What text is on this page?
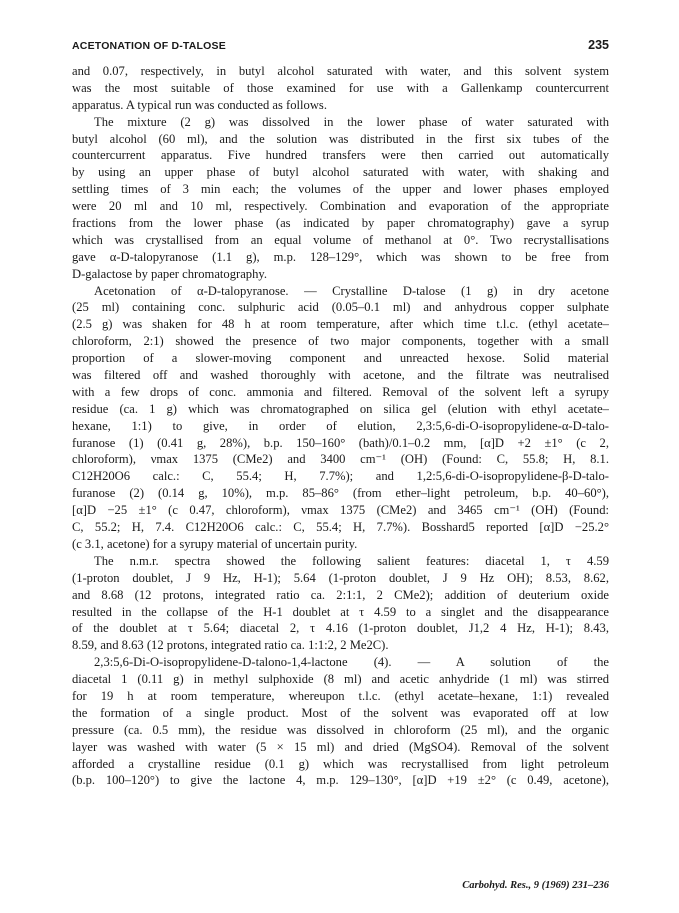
ACETONATION OF D-TALOSE	235
and 0.07, respectively, in butyl alcohol saturated with water, and this solvent system
was the most suitable of those examined for use with a Gallenkamp countercurrent
apparatus. A typical run was conducted as follows.
The mixture (2 g) was dissolved in the lower phase of water saturated with
butyl alcohol (60 ml), and the solution was distributed in the first six tubes of the
countercurrent apparatus. Five hundred transfers were then carried out automatically
by using an upper phase of butyl alcohol saturated with water, with shaking and
settling times of 3 min each; the volumes of the upper and lower phases employed
were 20 ml and 10 ml, respectively. Combination and evaporation of the appropriate
fractions from the lower phase (as indicated by paper chromatography) gave a syrup
which was crystallised from an equal volume of methanol at 0°. Two recrystallisations
gave α-D-talopyranose (1.1 g), m.p. 128–129°, which was shown to be free from
D-galactose by paper chromatography.
Acetonation of α-D-talopyranose. — Crystalline D-talose (1 g) in dry acetone
(25 ml) containing conc. sulphuric acid (0.05–0.1 ml) and anhydrous copper sulphate
(2.5 g) was shaken for 48 h at room temperature, after which time t.l.c. (ethyl acetate–
chloroform, 2:1) showed the presence of two major components, together with a small
proportion of a slower-moving component and unreacted hexose. Solid material
was filtered off and washed thoroughly with acetone, and the filtrate was neutralised
with a few drops of conc. ammonia and filtered. Removal of the solvent left a syrupy
residue (ca. 1 g) which was chromatographed on silica gel (elution with ethyl acetate–
hexane, 1:1) to give, in order of elution, 2,3:5,6-di-O-isopropylidene-α-D-talo-
furanose (1) (0.41 g, 28%), b.p. 150–160° (bath)/0.1–0.2 mm, [α]D +2 ±1° (c 2,
chloroform), νmax 1375 (CMe2) and 3400 cm⁻¹ (OH) (Found: C, 55.8; H, 8.1.
C12H20O6 calc.: C, 55.4; H, 7.7%); and 1,2:5,6-di-O-isopropylidene-β-D-talo-
furanose (2) (0.14 g, 10%), m.p. 85–86° (from ether–light petroleum, b.p. 40–60°),
[α]D −25 ±1° (c 0.47, chloroform), νmax 1375 (CMe2) and 3465 cm⁻¹ (OH) (Found:
C, 55.2; H, 7.4. C12H20O6 calc.: C, 55.4; H, 7.7%). Bosshard5 reported [α]D −25.2°
(c 3.1, acetone) for a syrupy material of uncertain purity.
The n.m.r. spectra showed the following salient features: diacetal 1, τ 4.59
(1-proton doublet, J 9 Hz, H-1); 5.64 (1-proton doublet, J 9 Hz OH); 8.53, 8.62,
and 8.68 (12 protons, integrated ratio ca. 2:1:1, 2 CMe2); addition of deuterium oxide
resulted in the collapse of the H-1 doublet at τ 4.59 to a singlet and the disappearance
of the doublet at τ 5.64; diacetal 2, τ 4.16 (1-proton doublet, J1,2 4 Hz, H-1); 8.43,
8.59, and 8.63 (12 protons, integrated ratio ca. 1:1:2, 2 Me2C).
2,3:5,6-Di-O-isopropylidene-D-talono-1,4-lactone (4). — A solution of the
diacetal 1 (0.11 g) in methyl sulphoxide (8 ml) and acetic anhydride (1 ml) was stirred
for 19 h at room temperature, whereupon t.l.c. (ethyl acetate–hexane, 1:1) revealed
the formation of a single product. Most of the solvent was evaporated off at low
pressure (ca. 0.5 mm), the residue was dissolved in chloroform (25 ml), and the organic
layer was washed with water (5 × 15 ml) and dried (MgSO4). Removal of the solvent
afforded a crystalline residue (0.1 g) which was recrystallised from light petroleum
(b.p. 100–120°) to give the lactone 4, m.p. 129–130°, [α]D +19 ±2° (c 0.49, acetone),
Carbohyd. Res., 9 (1969) 231–236
